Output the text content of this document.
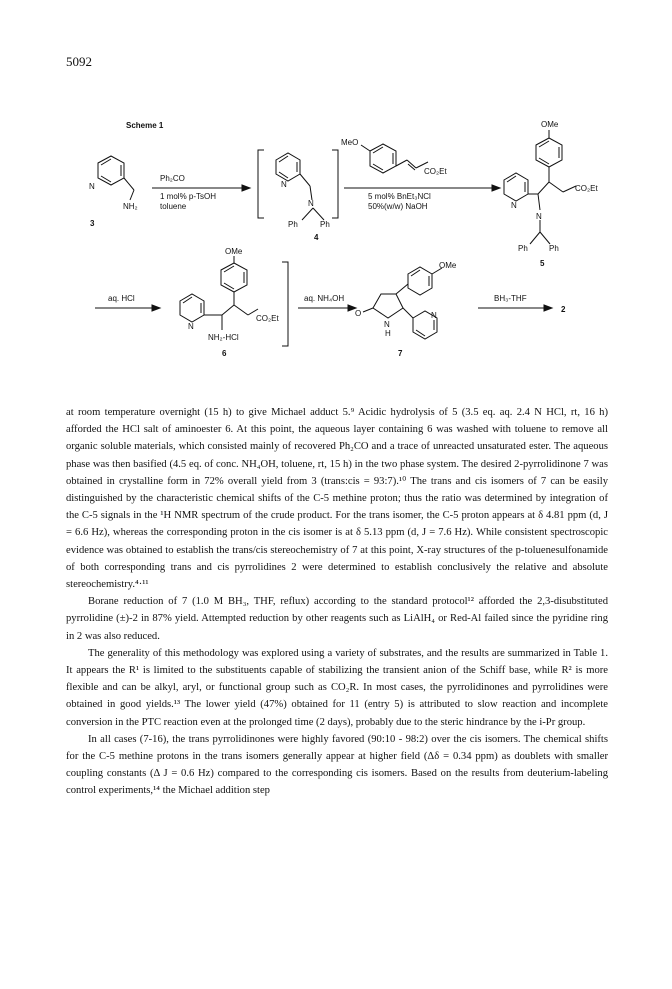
5092
Scheme 1
N
NH₂
3
Ph₂CO
1 mol% p-TsOH
toluene
N
N
Ph	Ph
4
MeO
CO₂Et
5 mol% BnEt₃NCl
50%(w/w) NaOH
OMe
CO₂Et
N
N
Ph	Ph
5
aq. HCl
OMe
CO₂Et
N
NH₂-HCl
6
aq. NH₄OH
O
OMe
N
H
N
7
BH₃-THF
2

at room temperature overnight (15 h) to give Michael adduct 5.⁹ Acidic hydrolysis of 5 (3.5 eq. aq. 2.4 N HCl, rt, 16 h) afforded the HCl salt of aminoester 6. At this point, the aqueous layer containing 6 was washed with toluene to remove all organic soluble materials, which consisted mainly of recovered Ph₂CO and a trace of unreacted unsaturated ester. The aqueous phase was then basified (4.5 eq. of conc. NH₄OH, toluene, rt, 15 h) in the two phase system. The desired 2-pyrrolidinone 7 was obtained in crystalline form in 72% overall yield from 3 (trans:cis = 93:7).¹⁰ The trans and cis isomers of 7 can be easily distinguished by the characteristic chemical shifts of the C-5 methine proton; thus the ratio was determined by integration of the C-5 signals in the ¹H NMR spectrum of the crude product. For the trans isomer, the C-5 proton appears at δ 4.81 ppm (d, J = 6.6 Hz), whereas the corresponding proton in the cis isomer is at δ 5.13 ppm (d, J = 7.6 Hz). While consistent spectroscopic evidence was obtained to establish the trans/cis stereochemistry of 7 at this point, X-ray structures of the p-toluenesulfonamide of both corresponding trans and cis pyrrolidines 2 were determined to establish conclusively the relative and absolute stereochemistry.⁴·¹¹

Borane reduction of 7 (1.0 M BH₃, THF, reflux) according to the standard protocol¹² afforded the 2,3-disubstituted pyrrolidine (±)-2 in 87% yield. Attempted reduction by other reagents such as LiAlH₄ or Red-Al failed since the pyridine ring in 2 was also reduced.

The generality of this methodology was explored using a variety of substrates, and the results are summarized in Table 1. It appears the R¹ is limited to the substituents capable of stabilizing the transient anion of the Schiff base, while R² is more flexible and can be alkyl, aryl, or functional group such as CO₂R. In most cases, the pyrrolidinones and pyrrolidines were obtained in good yields.¹³ The lower yield (47%) obtained for 11 (entry 5) is attributed to slow reaction and incomplete conversion in the PTC reaction even at the prolonged time (2 days), probably due to the steric hindrance by the i-Pr group.

In all cases (7-16), the trans pyrrolidinones were highly favored (90:10 - 98:2) over the cis isomers. The chemical shifts for the C-5 methine protons in the trans isomers generally appear at higher field (Δδ = 0.34 ppm) as doublets with smaller coupling constants (Δ J = 0.6 Hz) compared to the corresponding cis isomers. Based on the results from deuterium-labeling control experiments,¹⁴ the Michael addition step
